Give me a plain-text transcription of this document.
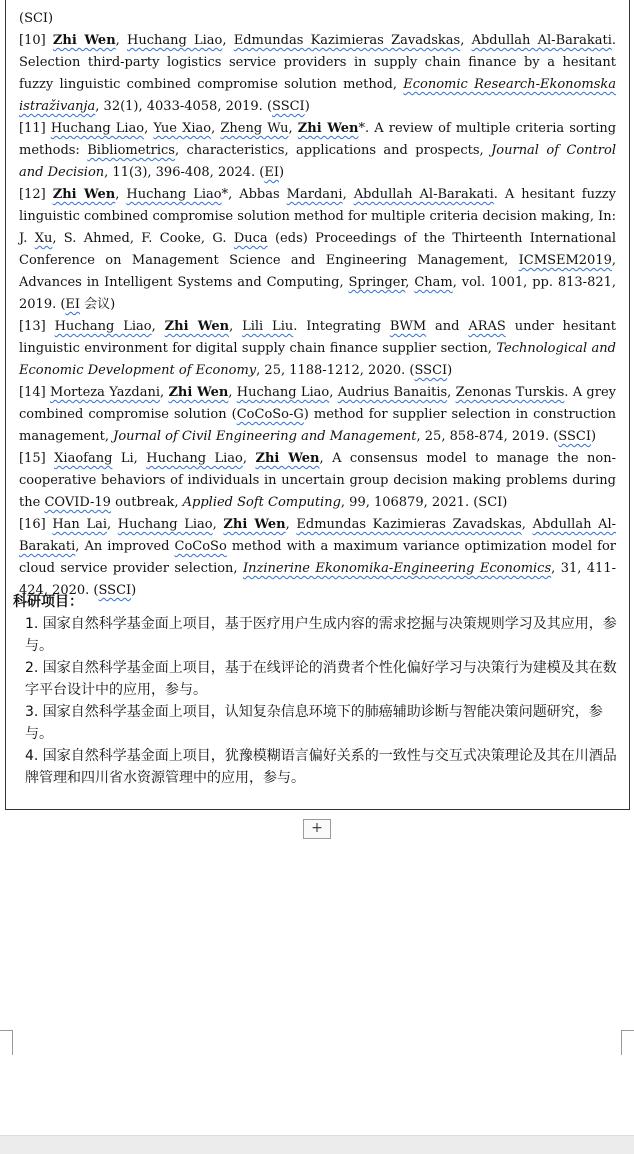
(SCI)

[10] Zhi Wen, Huchang Liao, Edmundas Kazimieras Zavadskas, Abdullah Al-Barakati. Selection third-party logistics service providers in supply chain finance by a hesitant fuzzy linguistic combined compromise solution method, Economic Research-Ekonomska istraživanja, 32(1), 4033-4058, 2019. (SSCI)

[11] Huchang Liao, Yue Xiao, Zheng Wu, Zhi Wen*. A review of multiple criteria sorting methods: Bibliometrics, characteristics, applications and prospects, Journal of Control and Decision, 11(3), 396-408, 2024. (EI)

[12] Zhi Wen, Huchang Liao*, Abbas Mardani, Abdullah Al-Barakati. A hesitant fuzzy linguistic combined compromise solution method for multiple criteria decision making, In: J. Xu, S. Ahmed, F. Cooke, G. Duca (eds) Proceedings of the Thirteenth International Conference on Management Science and Engineering Management, ICMSEM2019, Advances in Intelligent Systems and Computing, Springer, Cham, vol. 1001, pp. 813-821, 2019. (EI 会议)

[13] Huchang Liao, Zhi Wen, Lili Liu. Integrating BWM and ARAS under hesitant linguistic environment for digital supply chain finance supplier section, Technological and Economic Development of Economy, 25, 1188-1212, 2020. (SSCI)

[14] Morteza Yazdani, Zhi Wen, Huchang Liao, Audrius Banaitis, Zenonas Turskis. A grey combined compromise solution (CoCoSo-G) method for supplier selection in construction management, Journal of Civil Engineering and Management, 25, 858-874, 2019. (SSCI)

[15] Xiaofang Li, Huchang Liao, Zhi Wen, A consensus model to manage the non-cooperative behaviors of individuals in uncertain group decision making problems during the COVID-19 outbreak, Applied Soft Computing, 99, 106879, 2021. (SCI)

[16] Han Lai, Huchang Liao, Zhi Wen, Edmundas Kazimieras Zavadskas, Abdullah Al-Barakati, An improved CoCoSo method with a maximum variance optimization model for cloud service provider selection, Inzinerine Ekonomika-Engineering Economics, 31, 411-424, 2020. (SSCI)

科研项目：

1. 国家自然科学基金面上项目，基于医疗用户生成内容的需求挖掘与决策规则学习及其应用，参与。

2. 国家自然科学基金面上项目，基于在线评论的消费者个性化偏好学习与决策行为建模及其在数字平台设计中的应用，参与。

3. 国家自然科学基金面上项目，认知复杂信息环境下的肺癌辅助诊断与智能决策问题研究，参与。

4. 国家自然科学基金面上项目，犹豫模糊语言偏好关系的一致性与交互式决策理论及其在川酒品牌管理和四川省水资源管理中的应用，参与。

+
